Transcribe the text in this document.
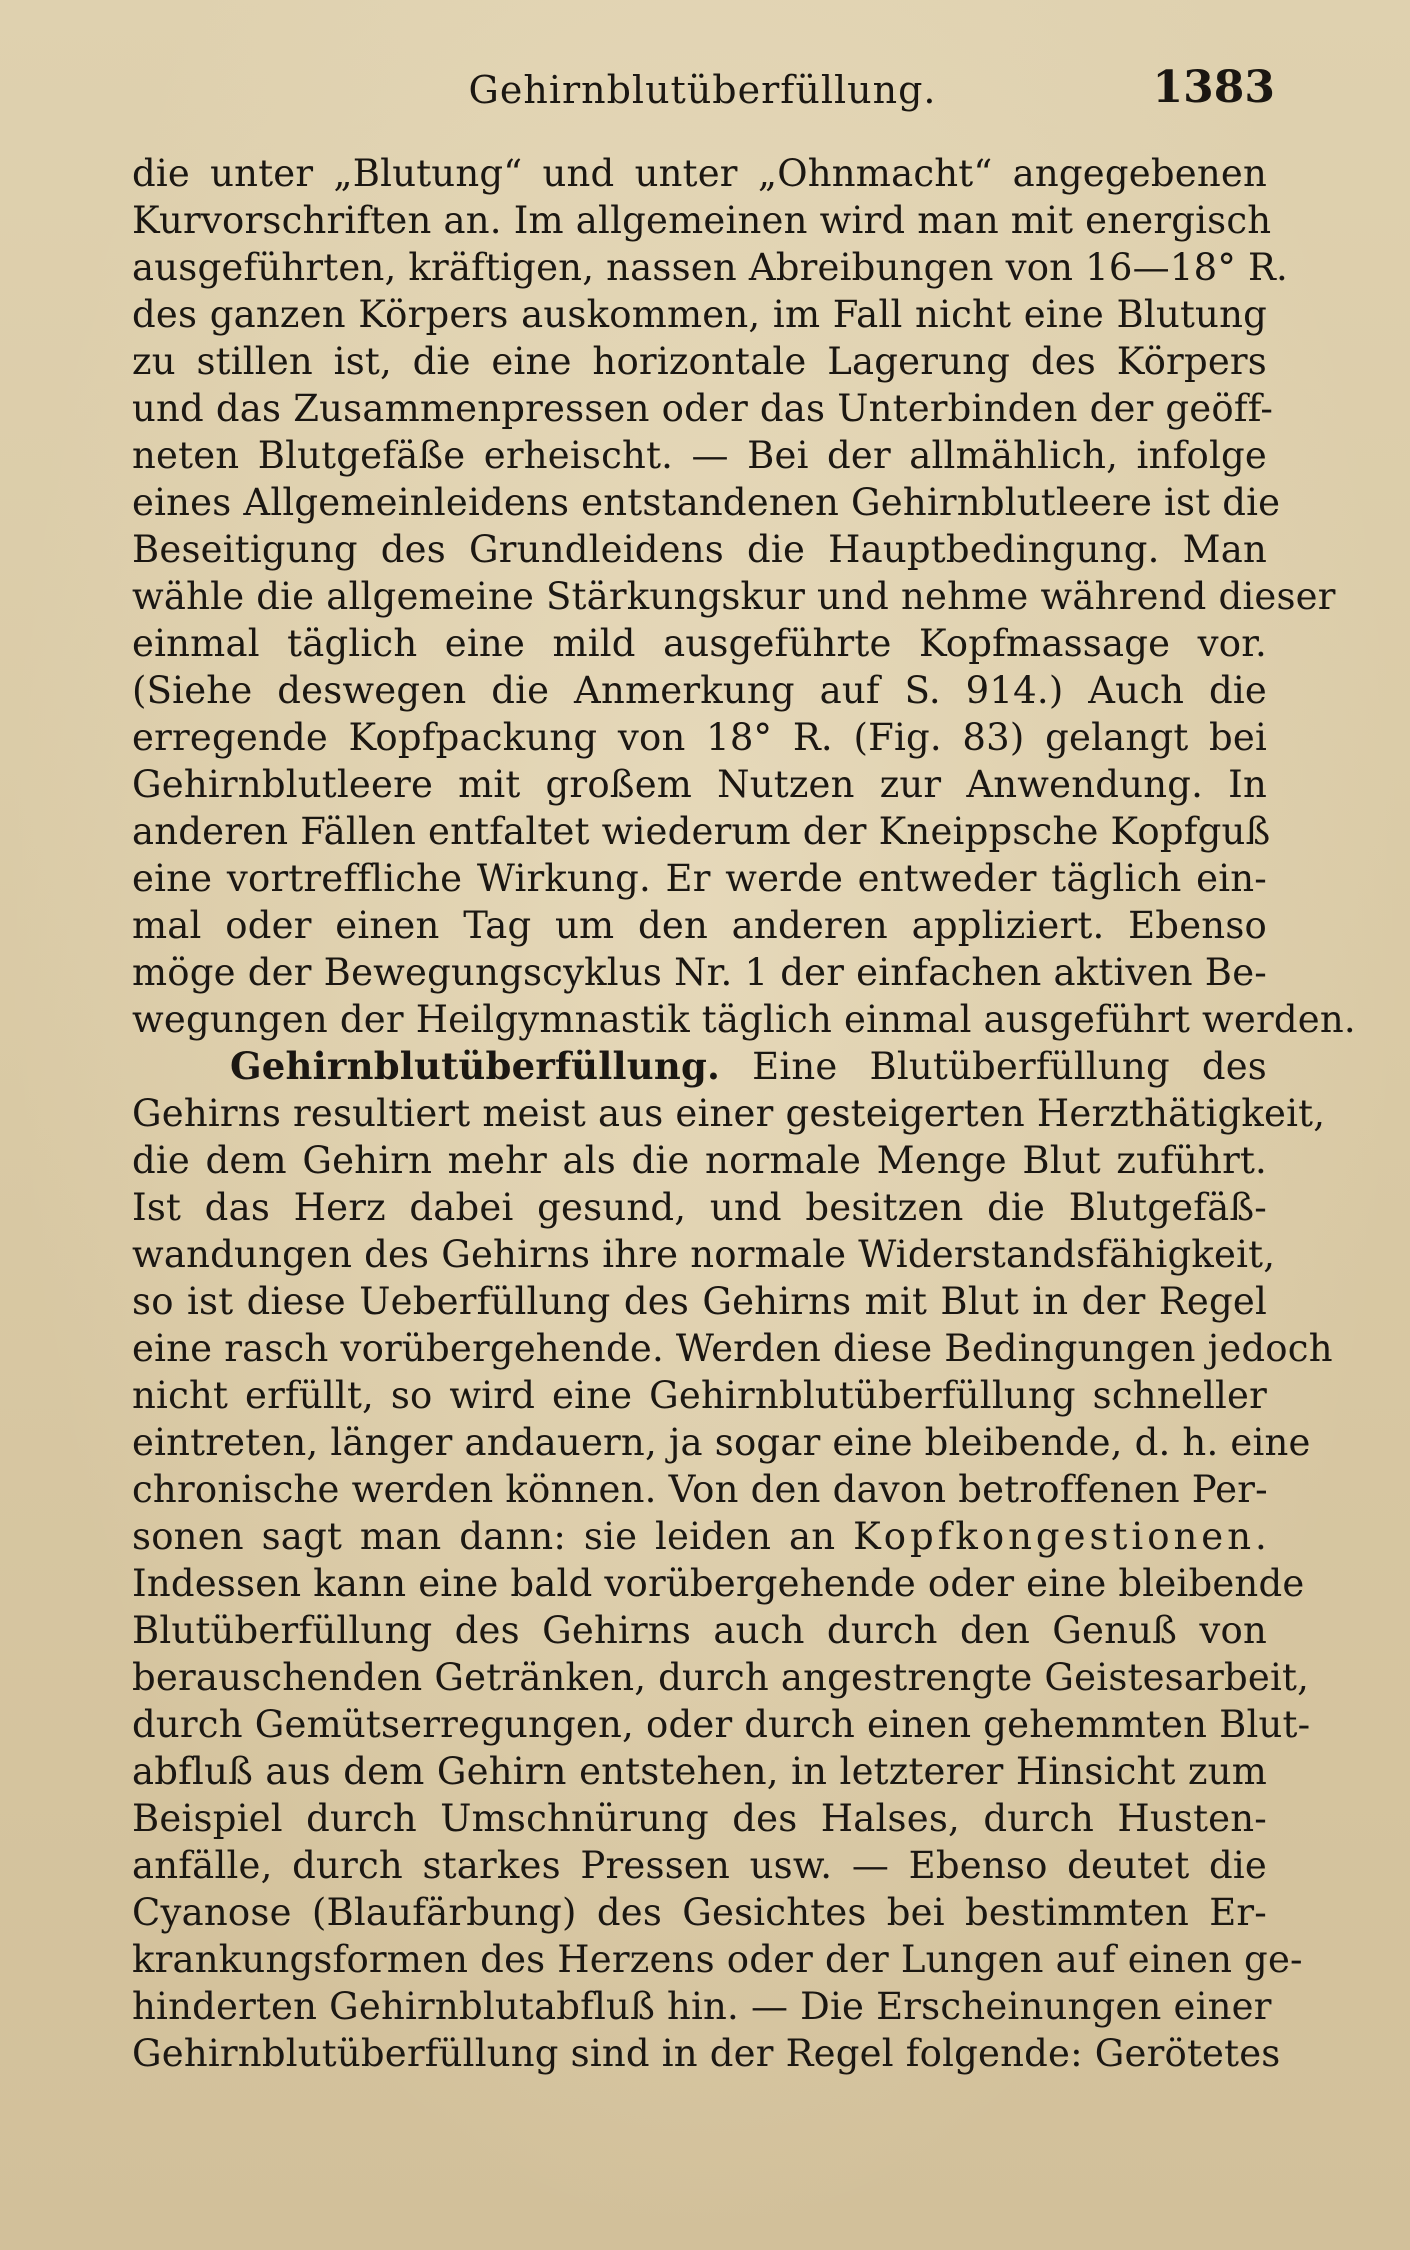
Gehirnblutüberfüllung.	1383
die unter „Blutung“ und unter „Ohnmacht“ angegebenen
Kurvorschriften an. Im allgemeinen wird man mit energisch
ausgeführten, kräftigen, nassen Abreibungen von 16—18° R.
des ganzen Körpers auskommen, im Fall nicht eine Blutung
zu stillen ist, die eine horizontale Lagerung des Körpers
und das Zusammenpressen oder das Unterbinden der geöff-
neten Blutgefäße erheischt. — Bei der allmählich, infolge
eines Allgemeinleidens entstandenen Gehirnblutleere ist die
Beseitigung des Grundleidens die Hauptbedingung. Man
wähle die allgemeine Stärkungskur und nehme während dieser
einmal täglich eine mild ausgeführte Kopfmassage vor.
(Siehe deswegen die Anmerkung auf S. 914.) Auch die
erregende Kopfpackung von 18° R. (Fig. 83) gelangt bei
Gehirnblutleere mit großem Nutzen zur Anwendung. In
anderen Fällen entfaltet wiederum der Kneippsche Kopfguß
eine vortreffliche Wirkung. Er werde entweder täglich ein-
mal oder einen Tag um den anderen appliziert. Ebenso
möge der Bewegungscyklus Nr. 1 der einfachen aktiven Be-
wegungen der Heilgymnastik täglich einmal ausgeführt werden.
Gehirnblutüberfüllung. Eine Blutüberfüllung des
Gehirns resultiert meist aus einer gesteigerten Herzthätigkeit,
die dem Gehirn mehr als die normale Menge Blut zuführt.
Ist das Herz dabei gesund, und besitzen die Blutgefäß-
wandungen des Gehirns ihre normale Widerstandsfähigkeit,
so ist diese Ueberfüllung des Gehirns mit Blut in der Regel
eine rasch vorübergehende. Werden diese Bedingungen jedoch
nicht erfüllt, so wird eine Gehirnblutüberfüllung schneller
eintreten, länger andauern, ja sogar eine bleibende, d. h. eine
chronische werden können. Von den davon betroffenen Per-
sonen sagt man dann: sie leiden an Kopfkongestionen.
Indessen kann eine bald vorübergehende oder eine bleibende
Blutüberfüllung des Gehirns auch durch den Genuß von
berauschenden Getränken, durch angestrengte Geistesarbeit,
durch Gemütserregungen, oder durch einen gehemmten Blut-
abfluß aus dem Gehirn entstehen, in letzterer Hinsicht zum
Beispiel durch Umschnürung des Halses, durch Husten-
anfälle, durch starkes Pressen usw. — Ebenso deutet die
Cyanose (Blaufärbung) des Gesichtes bei bestimmten Er-
krankungsformen des Herzens oder der Lungen auf einen ge-
hinderten Gehirnblutabfluß hin. — Die Erscheinungen einer
Gehirnblutüberfüllung sind in der Regel folgende: Gerötetes
